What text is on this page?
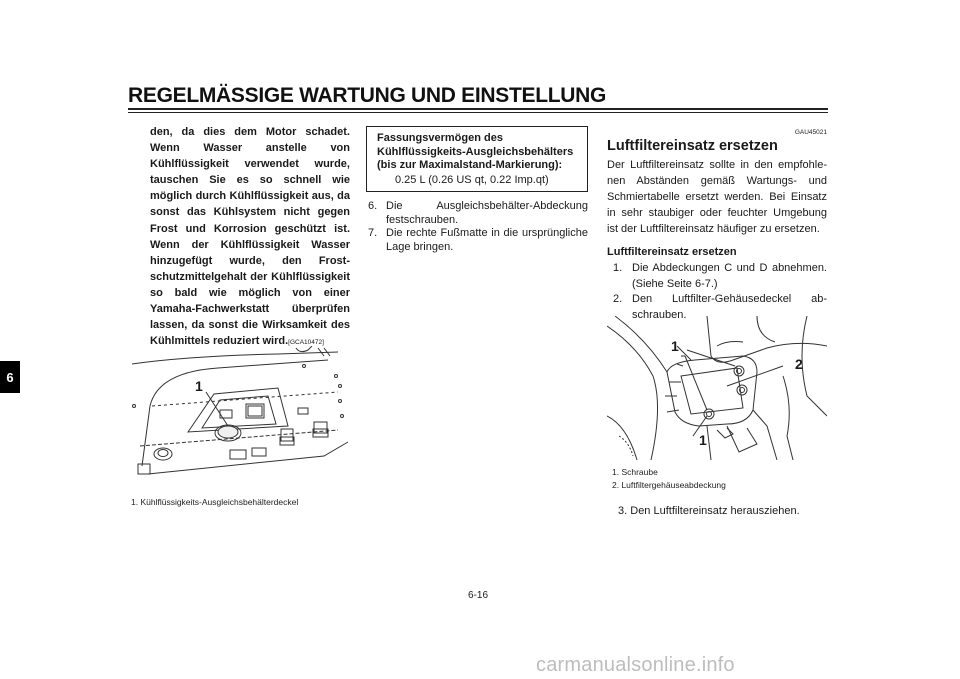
REGELMÄSSIGE WARTUNG UND EINSTELLUNG
6

den, da dies dem Motor schadet. Wenn Wasser anstelle von Kühlflüssigkeit verwendet wurde, tauschen Sie es so schnell wie möglich durch Kühlflüssigkeit aus, da sonst das Kühlsystem nicht gegen Frost und Korrosion geschützt ist. Wenn der Kühlflüssigkeit Wasser hinzugefügt wurde, den Frostschutzmittelgehalt der Kühlflüssigkeit so bald wie möglich von einer Yamaha-Fachwerkstatt überprüfen lassen, da sonst die Wirksamkeit des Kühlmittels reduziert wird.[GCA10472]

1
1. Kühlflüssigkeits-Ausgleichsbehälterdeckel
Fassungsvermögen des Kühlflüssigkeits-Ausgleichsbehälters (bis zur Maximalstand-Markierung):
0.25 L (0.26 US qt, 0.22 Imp.qt)
6. Die Ausgleichsbehälter-Abdeckung festschrauben.
7. Die rechte Fußmatte in die ursprüngliche Lage bringen.

GAU45021

Luftfiltereinsatz ersetzen

Der Luftfiltereinsatz sollte in den empfohlenen Abständen gemäß Wartungs- und Schmiertabelle ersetzt werden. Bei Einsatz in sehr staubiger oder feuchter Umgebung ist der Luftfiltereinsatz häufiger zu ersetzen.

Luftfiltereinsatz ersetzen
1. Die Abdeckungen C und D abnehmen. (Siehe Seite 6-7.)
2. Den Luftfilter-Gehäusedeckel abschrauben.
1
2
1
1. Schraube
2. Luftfiltergehäuseabdeckung
3. Den Luftfiltereinsatz herausziehen.
6-16
carmanualsonline.info
